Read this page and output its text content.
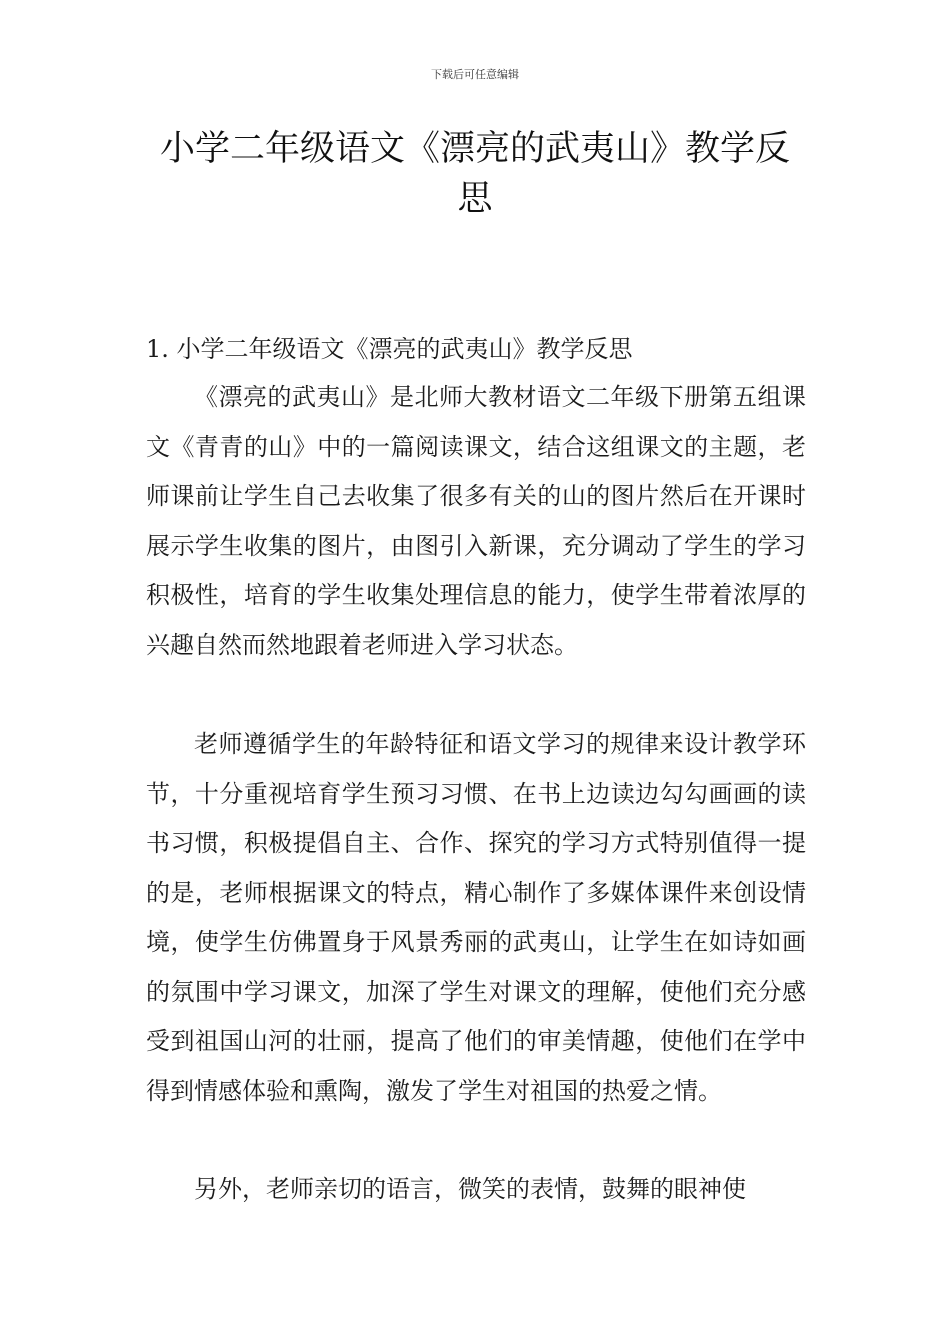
下载后可任意编辑
小学二年级语文《漂亮的武夷山》教学反思
1. 小学二年级语文《漂亮的武夷山》教学反思

《漂亮的武夷山》是北师大教材语文二年级下册第五组课文《青青的山》中的一篇阅读课文，结合这组课文的主题，老师课前让学生自己去收集了很多有关的山的图片然后在开课时展示学生收集的图片，由图引入新课，充分调动了学生的学习积极性，培育的学生收集处理信息的能力，使学生带着浓厚的兴趣自然而然地跟着老师进入学习状态。

老师遵循学生的年龄特征和语文学习的规律来设计教学环节，十分重视培育学生预习习惯、在书上边读边勾勾画画的读书习惯，积极提倡自主、合作、探究的学习方式特别值得一提的是，老师根据课文的特点，精心制作了多媒体课件来创设情境，使学生仿佛置身于风景秀丽的武夷山，让学生在如诗如画的氛围中学习课文，加深了学生对课文的理解，使他们充分感受到祖国山河的壮丽，提高了他们的审美情趣，使他们在学中得到情感体验和熏陶，激发了学生对祖国的热爱之情。

另外，老师亲切的语言，微笑的表情，鼓舞的眼神使
